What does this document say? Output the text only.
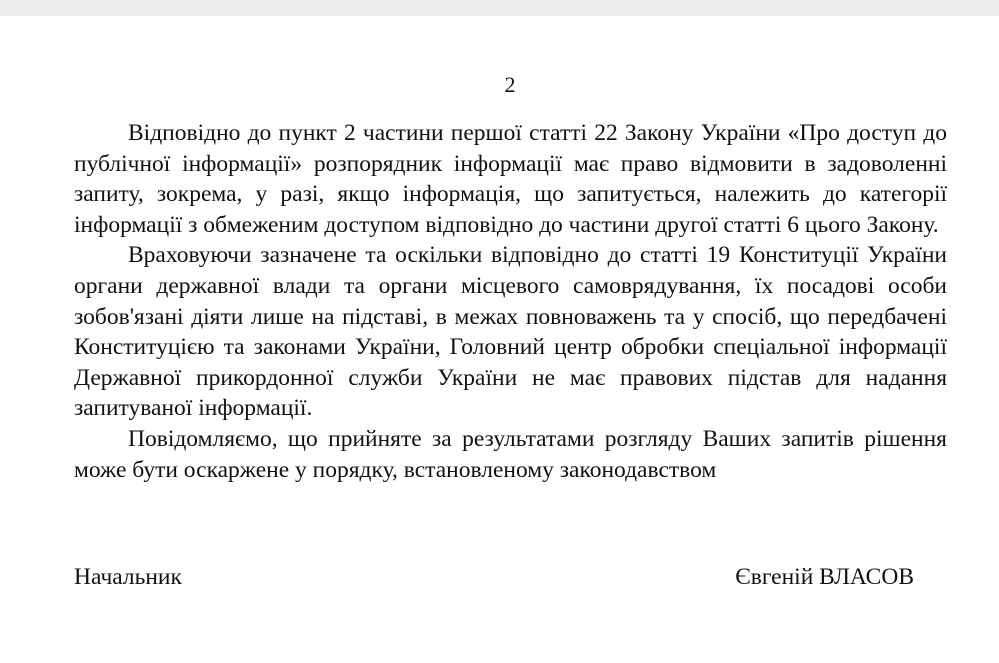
2

Відповідно до пункт 2 частини першої статті 22 Закону України «Про доступ до публічної інформації» розпорядник інформації має право відмовити в задоволенні запиту, зокрема, у разі, якщо інформація, що запитується, належить до категорії інформації з обмеженим доступом відповідно до частини другої статті 6 цього Закону.

Враховуючи зазначене та оскільки відповідно до статті 19 Конституції України органи державної влади та органи місцевого самоврядування, їх посадові особи зобов'язані діяти лише на підставі, в межах повноважень та у спосіб, що передбачені Конституцією та законами України, Головний центр обробки спеціальної інформації Державної прикордонної служби України не має правових підстав для надання запитуваної інформації.

Повідомляємо, що прийняте за результатами розгляду Ваших запитів рішення може бути оскаржене у порядку, встановленому законодавством

Начальник	Євгеній ВЛАСОВ
